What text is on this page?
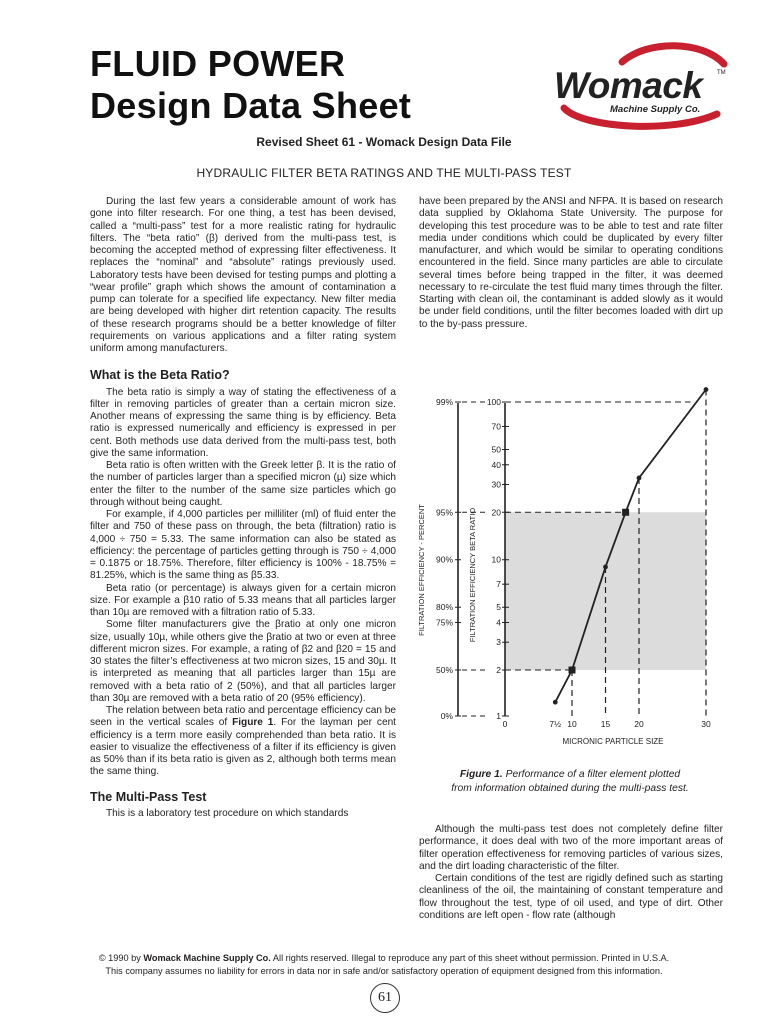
FLUID POWER
Design Data Sheet	Womack	TM
Machine Supply Co.
Revised Sheet 61 - Womack Design Data File
HYDRAULIC FILTER BETA RATINGS AND THE MULTI-PASS TEST

During the last few years a considerable amount of work has gone into filter research. For one thing, a test has been devised, called a “multi-pass” test for a more realistic rating for hydraulic filters. The “beta ratio” (β) derived from the multi-pass test, is becoming the accepted method of expressing filter effectiveness. It replaces the “nominal” and “absolute” ratings previously used. Laboratory tests have been devised for testing pumps and plotting a “wear profile” graph which shows the amount of contamination a pump can tolerate for a specified life expectancy. New filter media are being developed with higher dirt retention capacity. The results of these research programs should be a better knowledge of filter requirements on various applications and a filter rating system uniform among manufacturers.

What is the Beta Ratio?

The beta ratio is simply a way of stating the effectiveness of a filter in removing particles of greater than a certain micron size. Another means of expressing the same thing is by efficiency. Beta ratio is expressed numerically and efficiency is expressed in per cent. Both methods use data derived from the multi-pass test, both give the same information.

Beta ratio is often written with the Greek letter β. It is the ratio of the number of particles larger than a specified micron (µ) size which enter the filter to the number of the same size particles which go through without being caught.

For example, if 4,000 particles per milliliter (ml) of fluid enter the filter and 750 of these pass on through, the beta (filtration) ratio is 4,000 ÷ 750 = 5.33. The same information can also be stated as efficiency: the percentage of particles getting through is 750 ÷ 4,000 = 0.1875 or 18.75%. Therefore, filter efficiency is 100% - 18.75% = 81.25%, which is the same thing as β5.33.

Beta ratio (or percentage) is always given for a certain micron size. For example a β10 ratio of 5.33 means that all particles larger than 10µ are removed with a filtration ratio of 5.33.

Some filter manufacturers give the βratio at only one micron size, usually 10µ, while others give the βratio at two or even at three different micron sizes. For example, a rating of β2 and β20 = 15 and 30 states the filter’s effectiveness at two micron sizes, 15 and 30µ. It is interpreted as meaning that all particles larger than 15µ are removed with a beta ratio of 2 (50%), and that all particles larger than 30µ are removed with a beta ratio of 20 (95% efficiency).

The relation between beta ratio and percentage efficiency can be seen in the vertical scales of Figure 1. For the layman per cent efficiency is a term more easily comprehended than beta ratio. It is easier to visualize the effectiveness of a filter if its efficiency is given as 50% than if its beta ratio is given as 2, although both terms mean the same thing.

The Multi-Pass Test

This is a laboratory test procedure on which standards

have been prepared by the ANSI and NFPA. It is based on research data supplied by Oklahoma State University. The purpose for developing this test procedure was to be able to test and rate filter media under conditions which could be duplicated by every filter manufacturer, and which would be similar to operating conditions encountered in the field. Since many particles are able to circulate several times before being trapped in the filter, it was deemed necessary to re-circulate the test fluid many times through the filter. Starting with clean oil, the contaminant is added slowly as it would be under field conditions, until the filter becomes loaded with dirt up to the by-pass pressure.

1
2
3
4
5
7
10
20
30
40
50
70
100
0%
50%
75%
80%
90%
95%
99%
0	7½ 10	15	20	30
FILTRATION EFFICIENCY - PERCENT	FILTRATION EFFICIENCY BETA RATIO
MICRONIC PARTICLE SIZE
Figure 1. Performance of a filter element plotted
from information obtained during the multi-pass test.

Although the multi-pass test does not completely define filter performance, it does deal with two of the more important areas of filter operation effectiveness for removing particles of various sizes, and the dirt loading characteristic of the filter.

Certain conditions of the test are rigidly defined such as starting cleanliness of the oil, the maintaining of constant temperature and flow throughout the test, type of oil used, and type of dirt. Other conditions are left open - flow rate (although

© 1990 by Womack Machine Supply Co. All rights reserved. Illegal to reproduce any part of this sheet without permission. Printed in U.S.A.
This company assumes no liability for errors in data nor in safe and/or satisfactory operation of equipment designed from this information.
61
